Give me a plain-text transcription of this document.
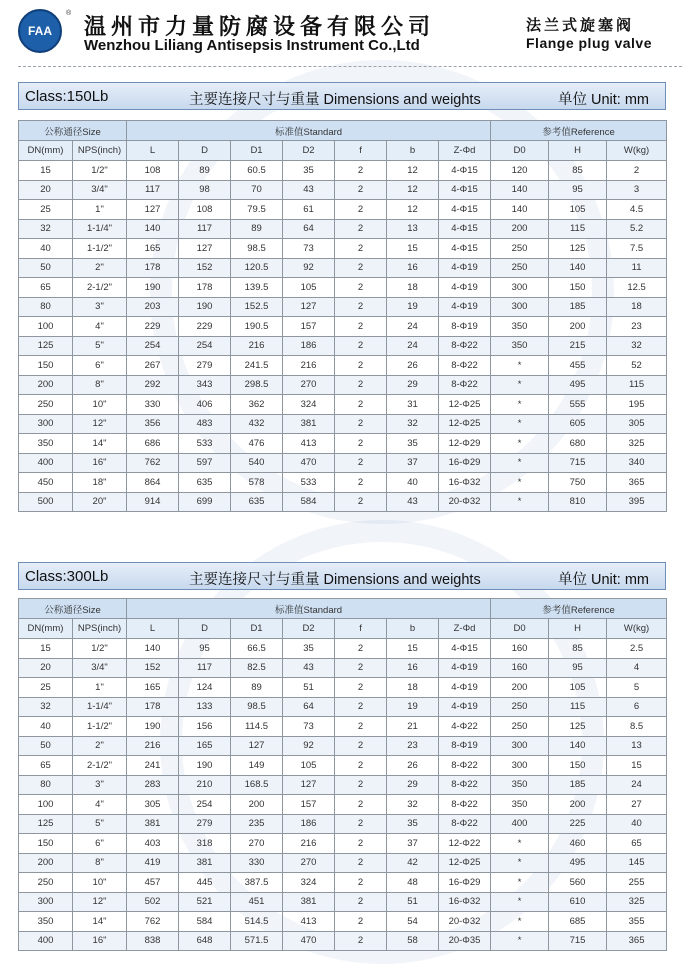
FAA
®
温州市力量防腐设备有限公司
Wenzhou Liliang Antisepsis Instrument Co.,Ltd
法兰式旋塞阀
Flange plug valve
Class:150Lb	主要连接尺寸与重量 Dimensions and weights	单位 Unit: mm
公称通径Size		标准值Standard							参考值Reference		
DN(mm)	NPS(inch)	L	D	D1	D2	f	b	Z-Φd	D0	H	W(kg)
15	1/2"	108	89	60.5	35	2	12	4-Φ15	120	85	2
20	3/4"	117	98	70	43	2	12	4-Φ15	140	95	3
25	1"	127	108	79.5	61	2	12	4-Φ15	140	105	4.5
32	1-1/4"	140	117	89	64	2	13	4-Φ15	200	115	5.2
40	1-1/2"	165	127	98.5	73	2	15	4-Φ15	250	125	7.5
50	2"	178	152	120.5	92	2	16	4-Φ19	250	140	11
65	2-1/2"	190	178	139.5	105	2	18	4-Φ19	300	150	12.5
80	3"	203	190	152.5	127	2	19	4-Φ19	300	185	18
100	4"	229	229	190.5	157	2	24	8-Φ19	350	200	23
125	5"	254	254	216	186	2	24	8-Φ22	350	215	32
150	6"	267	279	241.5	216	2	26	8-Φ22	*	455	52
200	8"	292	343	298.5	270	2	29	8-Φ22	*	495	115
250	10"	330	406	362	324	2	31	12-Φ25	*	555	195
300	12"	356	483	432	381	2	32	12-Φ25	*	605	305
350	14"	686	533	476	413	2	35	12-Φ29	*	680	325
400	16"	762	597	540	470	2	37	16-Φ29	*	715	340
450	18"	864	635	578	533	2	40	16-Φ32	*	750	365
500	20"	914	699	635	584	2	43	20-Φ32	*	810	395
Class:300Lb	主要连接尺寸与重量 Dimensions and weights	单位 Unit: mm
公称通径Size		标准值Standard							参考值Reference		
DN(mm)	NPS(inch)	L	D	D1	D2	f	b	Z-Φd	D0	H	W(kg)
15	1/2"	140	95	66.5	35	2	15	4-Φ15	160	85	2.5
20	3/4"	152	117	82.5	43	2	16	4-Φ19	160	95	4
25	1"	165	124	89	51	2	18	4-Φ19	200	105	5
32	1-1/4"	178	133	98.5	64	2	19	4-Φ19	250	115	6
40	1-1/2"	190	156	114.5	73	2	21	4-Φ22	250	125	8.5
50	2"	216	165	127	92	2	23	8-Φ19	300	140	13
65	2-1/2"	241	190	149	105	2	26	8-Φ22	300	150	15
80	3"	283	210	168.5	127	2	29	8-Φ22	350	185	24
100	4"	305	254	200	157	2	32	8-Φ22	350	200	27
125	5"	381	279	235	186	2	35	8-Φ22	400	225	40
150	6"	403	318	270	216	2	37	12-Φ22	*	460	65
200	8"	419	381	330	270	2	42	12-Φ25	*	495	145
250	10"	457	445	387.5	324	2	48	16-Φ29	*	560	255
300	12"	502	521	451	381	2	51	16-Φ32	*	610	325
350	14"	762	584	514.5	413	2	54	20-Φ32	*	685	355
400	16"	838	648	571.5	470	2	58	20-Φ35	*	715	365
